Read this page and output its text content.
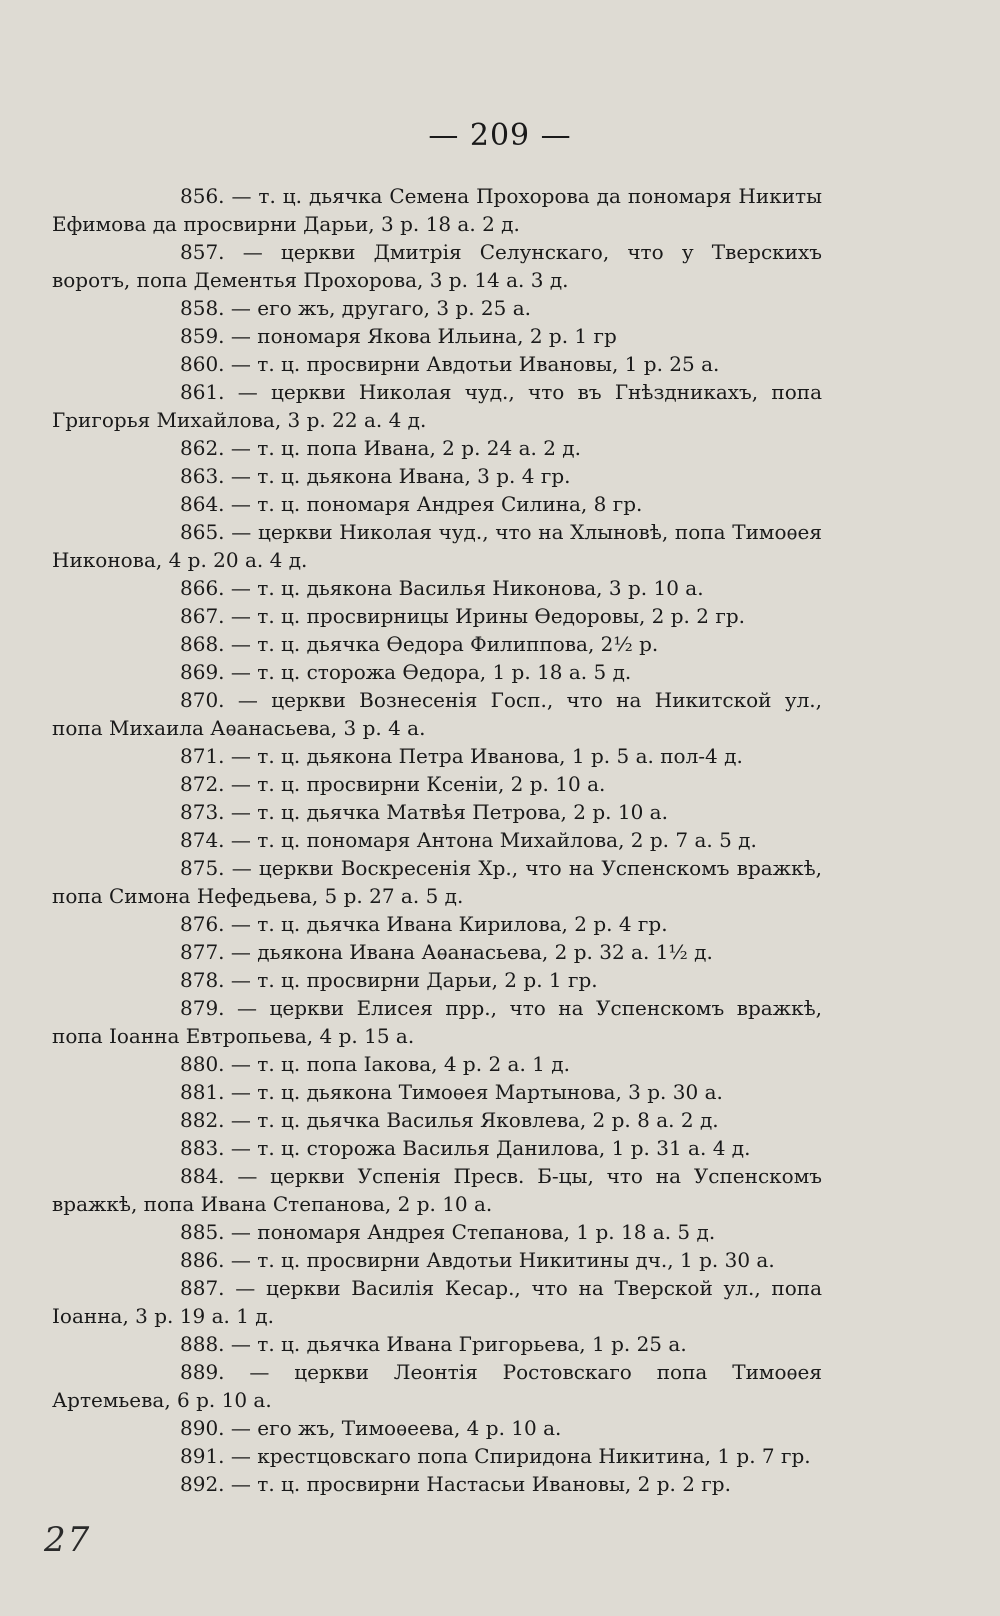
— 209 —

856. — т. ц. дьячка Семена Прохорова да пономаря Никиты Ефимова да просвирни Дарьи, 3 р. 18 а. 2 д.

857. — церкви Дмитрія Селунскаго, что у Тверскихъ воротъ, попа Дементья Прохорова, 3 р. 14 а. 3 д.

858. — его жъ, другаго, 3 р. 25 а.

859. — пономаря Якова Ильина, 2 р. 1 гр

860. — т. ц. просвирни Авдотьи Ивановы, 1 р. 25 а.

861. — церкви Николая чуд., что въ Гнѣздникахъ, попа Григорья Михайлова, 3 р. 22 а. 4 д.

862. — т. ц. попа Ивана, 2 р. 24 а. 2 д.

863. — т. ц. дьякона Ивана, 3 р. 4 гр.

864. — т. ц. пономаря Андрея Силина, 8 гр.

865. — церкви Николая чуд., что на Хлыновѣ, попа Тимоѳея Никонова, 4 р. 20 а. 4 д.

866. — т. ц. дьякона Василья Никонова, 3 р. 10 а.

867. — т. ц. просвирницы Ирины Ѳедоровы, 2 р. 2 гр.

868. — т. ц. дьячка Ѳедора Филиппова, 2½ р.

869. — т. ц. сторожа Ѳедора, 1 р. 18 а. 5 д.

870. — церкви Вознесенія Госп., что на Никитской ул., попа Михаила Аѳанасьева, 3 р. 4 а.

871. — т. ц. дьякона Петра Иванова, 1 р. 5 а. пол-4 д.

872. — т. ц. просвирни Ксеніи, 2 р. 10 а.

873. — т. ц. дьячка Матвѣя Петрова, 2 р. 10 а.

874. — т. ц. пономаря Антона Михайлова, 2 р. 7 а. 5 д.

875. — церкви Воскресенія Хр., что на Успенскомъ вражкѣ, попа Симона Нефедьева, 5 р. 27 а. 5 д.

876. — т. ц. дьячка Ивана Кирилова, 2 р. 4 гр.

877. — дьякона Ивана Аѳанасьева, 2 р. 32 а. 1½ д.

878. — т. ц. просвирни Дарьи, 2 р. 1 гр.

879. — церкви Елисея прр., что на Успенскомъ вражкѣ, попа Іоанна Евтропьева, 4 р. 15 а.

880. — т. ц. попа Іакова, 4 р. 2 а. 1 д.

881. — т. ц. дьякона Тимоѳея Мартынова, 3 р. 30 а.

882. — т. ц. дьячка Василья Яковлева, 2 р. 8 а. 2 д.

883. — т. ц. сторожа Василья Данилова, 1 р. 31 а. 4 д.

884. — церкви Успенія Пресв. Б-цы, что на Успенскомъ вражкѣ, попа Ивана Степанова, 2 р. 10 а.

885. — пономаря Андрея Степанова, 1 р. 18 а. 5 д.

886. — т. ц. просвирни Авдотьи Никитины дч., 1 р. 30 а.

887. — церкви Василія Кесар., что на Тверской ул., попа Іоанна, 3 р. 19 а. 1 д.

888. — т. ц. дьячка Ивана Григорьева, 1 р. 25 а.

889. — церкви Леонтія Ростовскаго попа Тимоѳея Артемьева, 6 р. 10 а.

890. — его жъ, Тимоѳеева, 4 р. 10 а.

891. — крестцовскаго попа Спиридона Никитина, 1 р. 7 гр.

892. — т. ц. просвирни Настасьи Ивановы, 2 р. 2 гр.

27
